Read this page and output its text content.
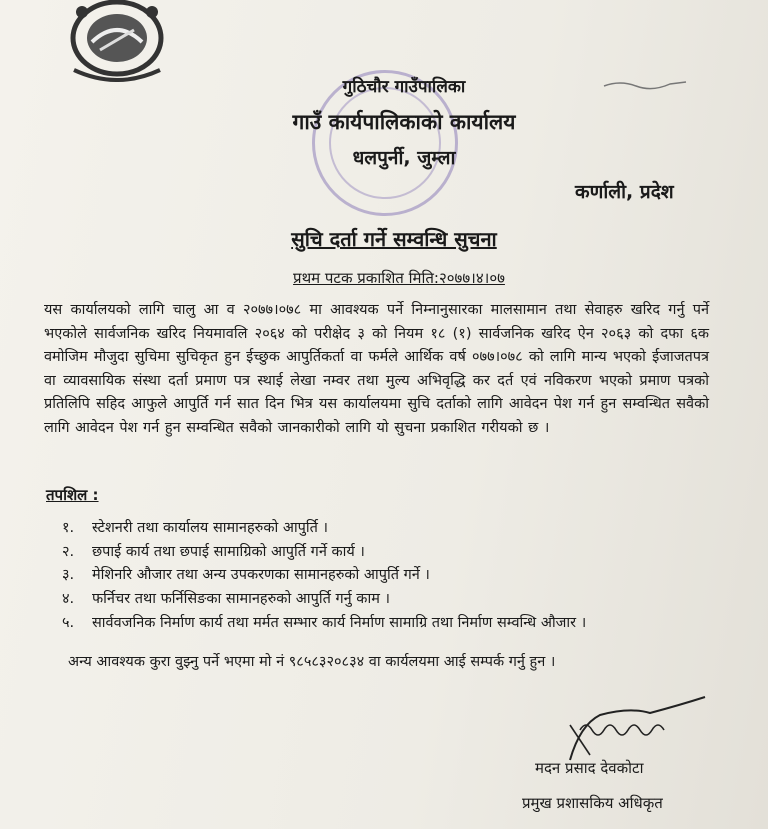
गुठिचौर गाउँपालिका
गाउँ कार्यपालिकाको कार्यालय
धलपुर्नी, जुम्ला
कर्णाली, प्रदेश
सुचि दर्ता गर्ने सम्वन्धि सुचना
प्रथम पटक प्रकाशित मिति:२०७७।४।०७
यस कार्यालयको लागि चालु आ व २०७७।०७८ मा आवश्यक पर्ने निम्नानुसारका मालसामान तथा सेवाहरु खरिद गर्नु पर्ने भएकोले सार्वजनिक खरिद नियमावलि २०६४ को परीक्षेद ३ को नियम १८ (१) सार्वजनिक खरिद ऐन २०६३ को दफा ६क वमोजिम मौजुदा सुचिमा सुचिकृत हुन ईच्छुक आपुर्तिकर्ता वा फर्मले आर्थिक वर्ष ०७७।०७८ को लागि मान्य भएको ईजाजतपत्र वा व्यावसायिक संस्था दर्ता प्रमाण पत्र स्थाई लेखा नम्वर तथा मुल्य अभिवृद्धि कर दर्त एवं नविकरण भएको प्रमाण पत्रको प्रतिलिपि सहिद आफुले आपुर्ति गर्न सात दिन भित्र यस कार्यालयमा सुचि दर्ताको लागि आवेदन पेश गर्न हुन सम्वन्धित सवैको लागि आवेदन पेश गर्न हुन सम्वन्धित सवैको जानकारीको लागि यो सुचना प्रकाशित गरीयको छ ।
तपशिल :
१.	स्टेशनरी तथा कार्यालय सामानहरुको आपुर्ति ।
२.	छपाई कार्य तथा छपाई सामाग्रिको आपुर्ति गर्ने कार्य ।
३.	मेशिनरि औजार तथा अन्य उपकरणका सामानहरुको आपुर्ति गर्ने ।
४.	फर्निचर तथा फर्निसिङका सामानहरुको आपुर्ति गर्नु काम ।
५.	सार्ववजनिक निर्माण कार्य तथा मर्मत सम्भार कार्य निर्माण सामाग्रि तथा निर्माण सम्वन्धि औजार ।
अन्य आवश्यक कुरा वुझ्नु पर्ने भएमा मो नं ९८५८३२०८३४ वा कार्यलयमा आई सम्पर्क गर्नु हुन ।
मदन प्रसाद देवकोटा
प्रमुख प्रशासकिय अधिकृत
